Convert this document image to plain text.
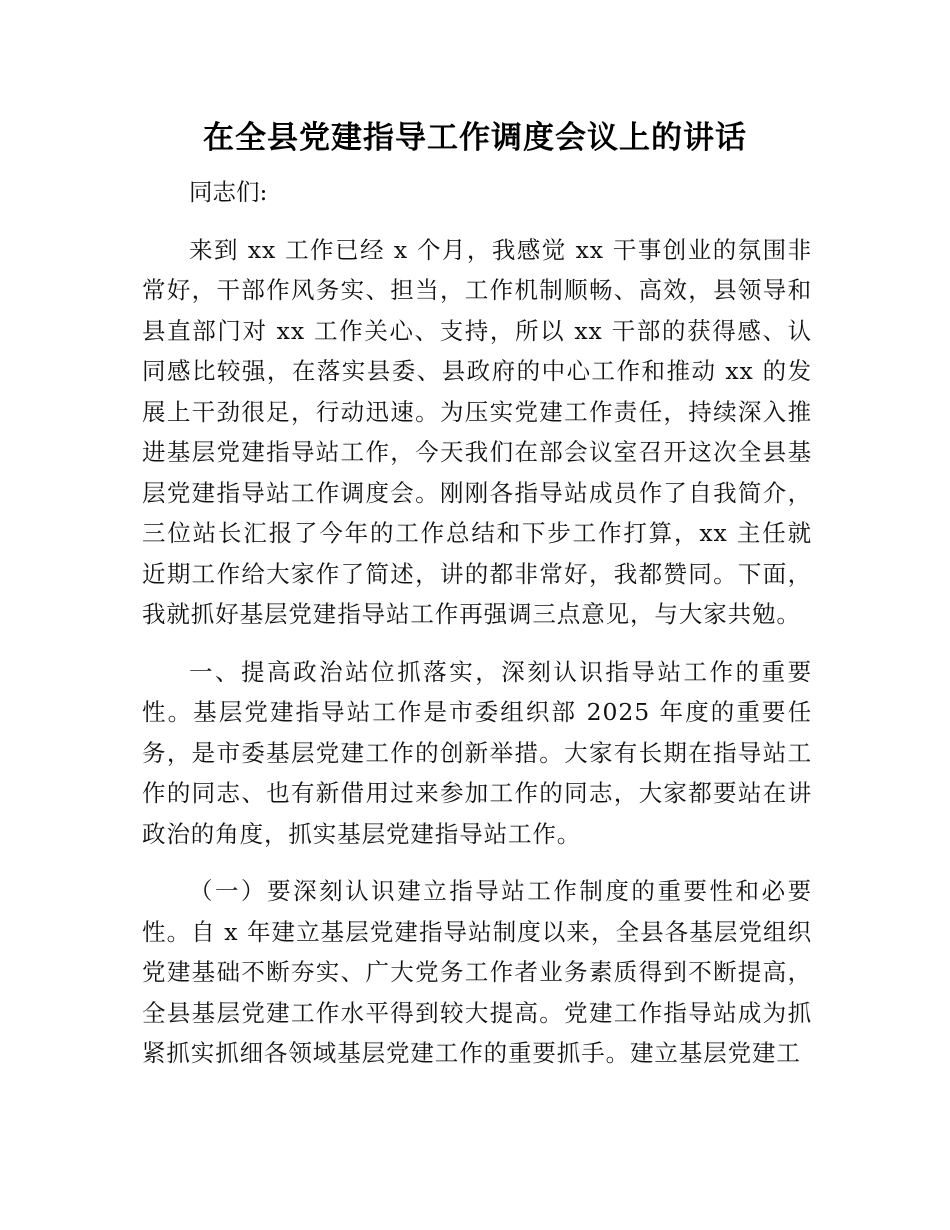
在全县党建指导工作调度会议上的讲话

同志们:

来到 xx 工作已经 x 个月，我感觉 xx 干事创业的氛围非常好，干部作风务实、担当，工作机制顺畅、高效，县领导和县直部门对 xx 工作关心、支持，所以 xx 干部的获得感、认同感比较强，在落实县委、县政府的中心工作和推动 xx 的发展上干劲很足，行动迅速。为压实党建工作责任，持续深入推进基层党建指导站工作，今天我们在部会议室召开这次全县基层党建指导站工作调度会。刚刚各指导站成员作了自我简介，三位站长汇报了今年的工作总结和下步工作打算，xx 主任就近期工作给大家作了简述，讲的都非常好，我都赞同。下面，我就抓好基层党建指导站工作再强调三点意见，与大家共勉。

一、提高政治站位抓落实，深刻认识指导站工作的重要性。基层党建指导站工作是市委组织部 2025 年度的重要任务，是市委基层党建工作的创新举措。大家有长期在指导站工作的同志、也有新借用过来参加工作的同志，大家都要站在讲政治的角度，抓实基层党建指导站工作。

（一）要深刻认识建立指导站工作制度的重要性和必要性。自 x 年建立基层党建指导站制度以来，全县各基层党组织党建基础不断夯实、广大党务工作者业务素质得到不断提高，全县基层党建工作水平得到较大提高。党建工作指导站成为抓紧抓实抓细各领域基层党建工作的重要抓手。建立基层党建工
